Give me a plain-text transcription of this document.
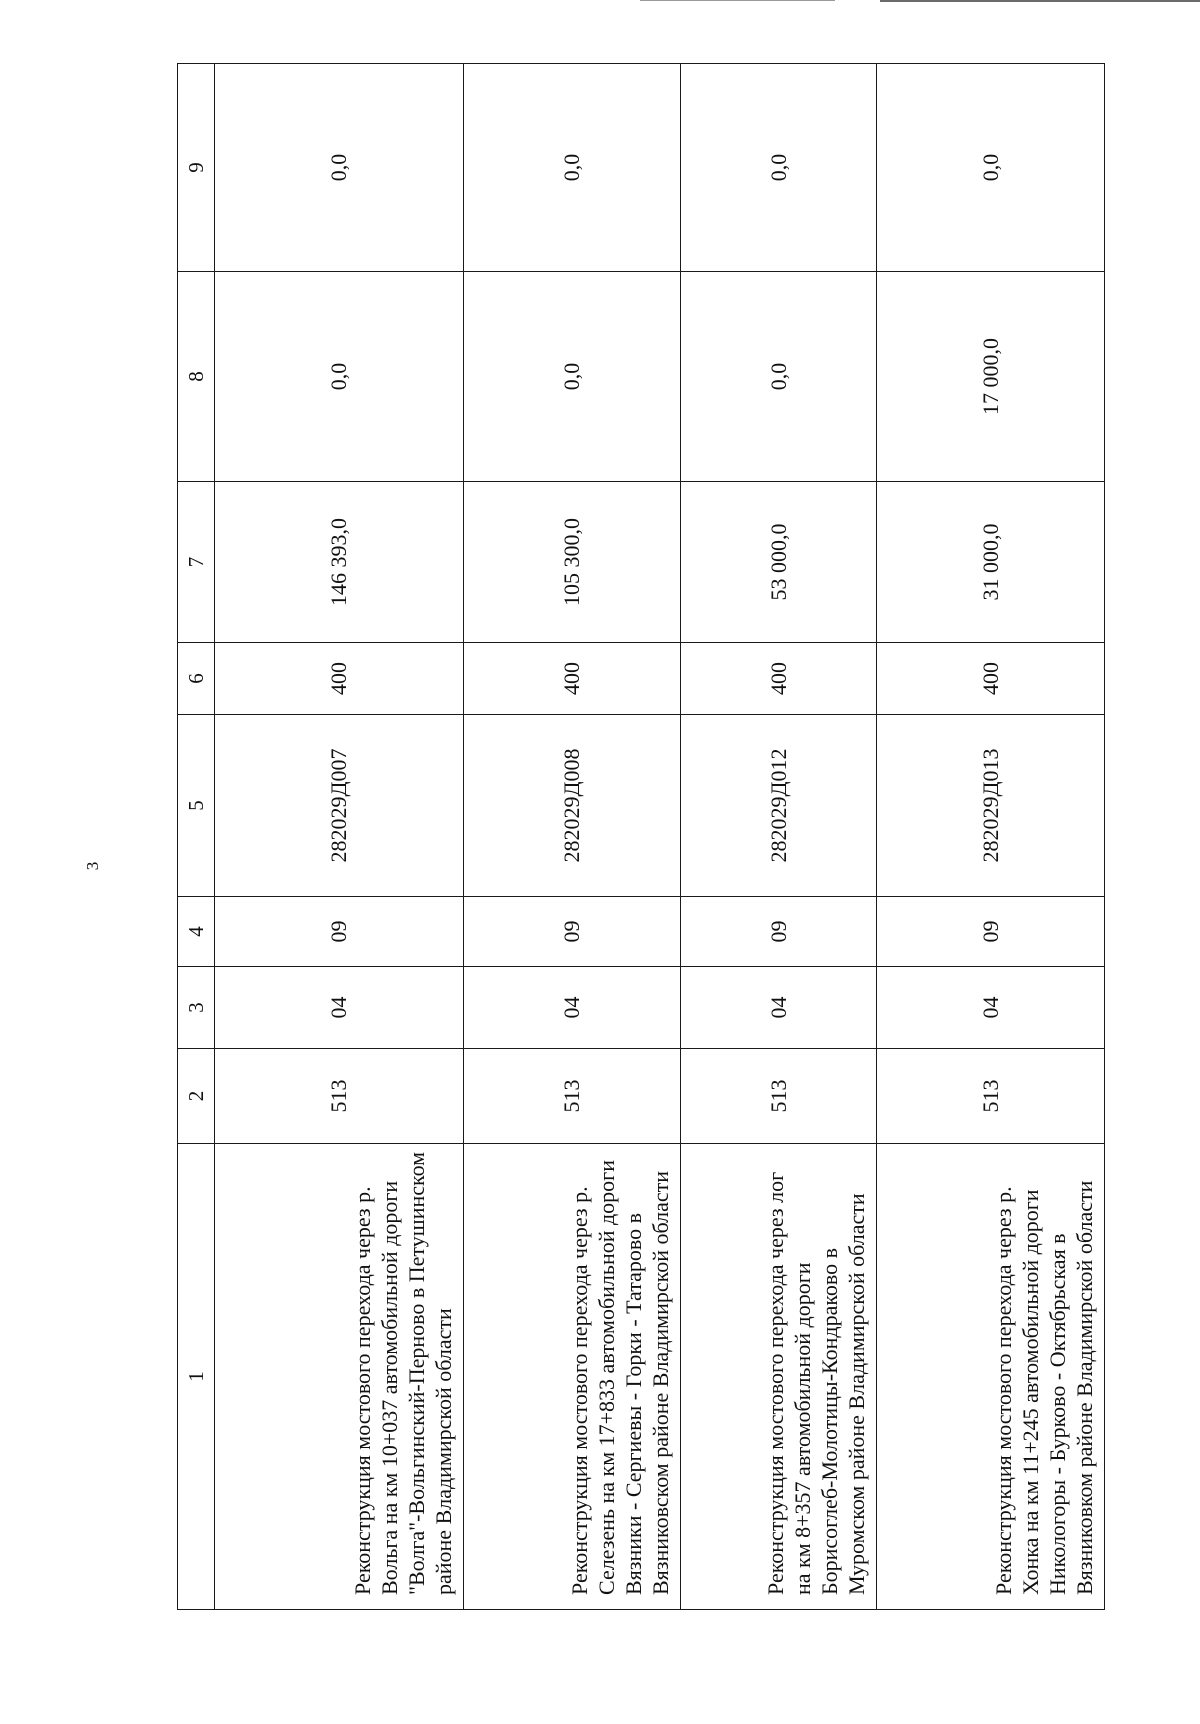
3
1	2	3	4	5	6	7	8	9
Реконструкция мостового перехода через р. Вольга на км 10+037 автомобильной дороги "Волга"-Вольгинский-Перново в Петушинском районе Владимирской области	513	04	09	282029Д007	400	146 393,0	0,0	0,0
Реконструкция мостового перехода через р. Селезень на км 17+833 автомобильной дороги Вязники - Сергиевы - Горки - Татарово в Вязниковском районе Владимирской области	513	04	09	282029Д008	400	105 300,0	0,0	0,0
Реконструкция мостового перехода через лог на км 8+357 автомобильной дороги Борисоглеб-Молотицы-Кондраково в Муромском районе Владимирской области	513	04	09	282029Д012	400	53 000,0	0,0	0,0
Реконструкция мостового перехода через р. Хонка на км 11+245 автомобильной дороги Никологоры - Бурково - Октябрьская в Вязниковком районе Владимирской области	513	04	09	282029Д013	400	31 000,0	17 000,0	0,0
